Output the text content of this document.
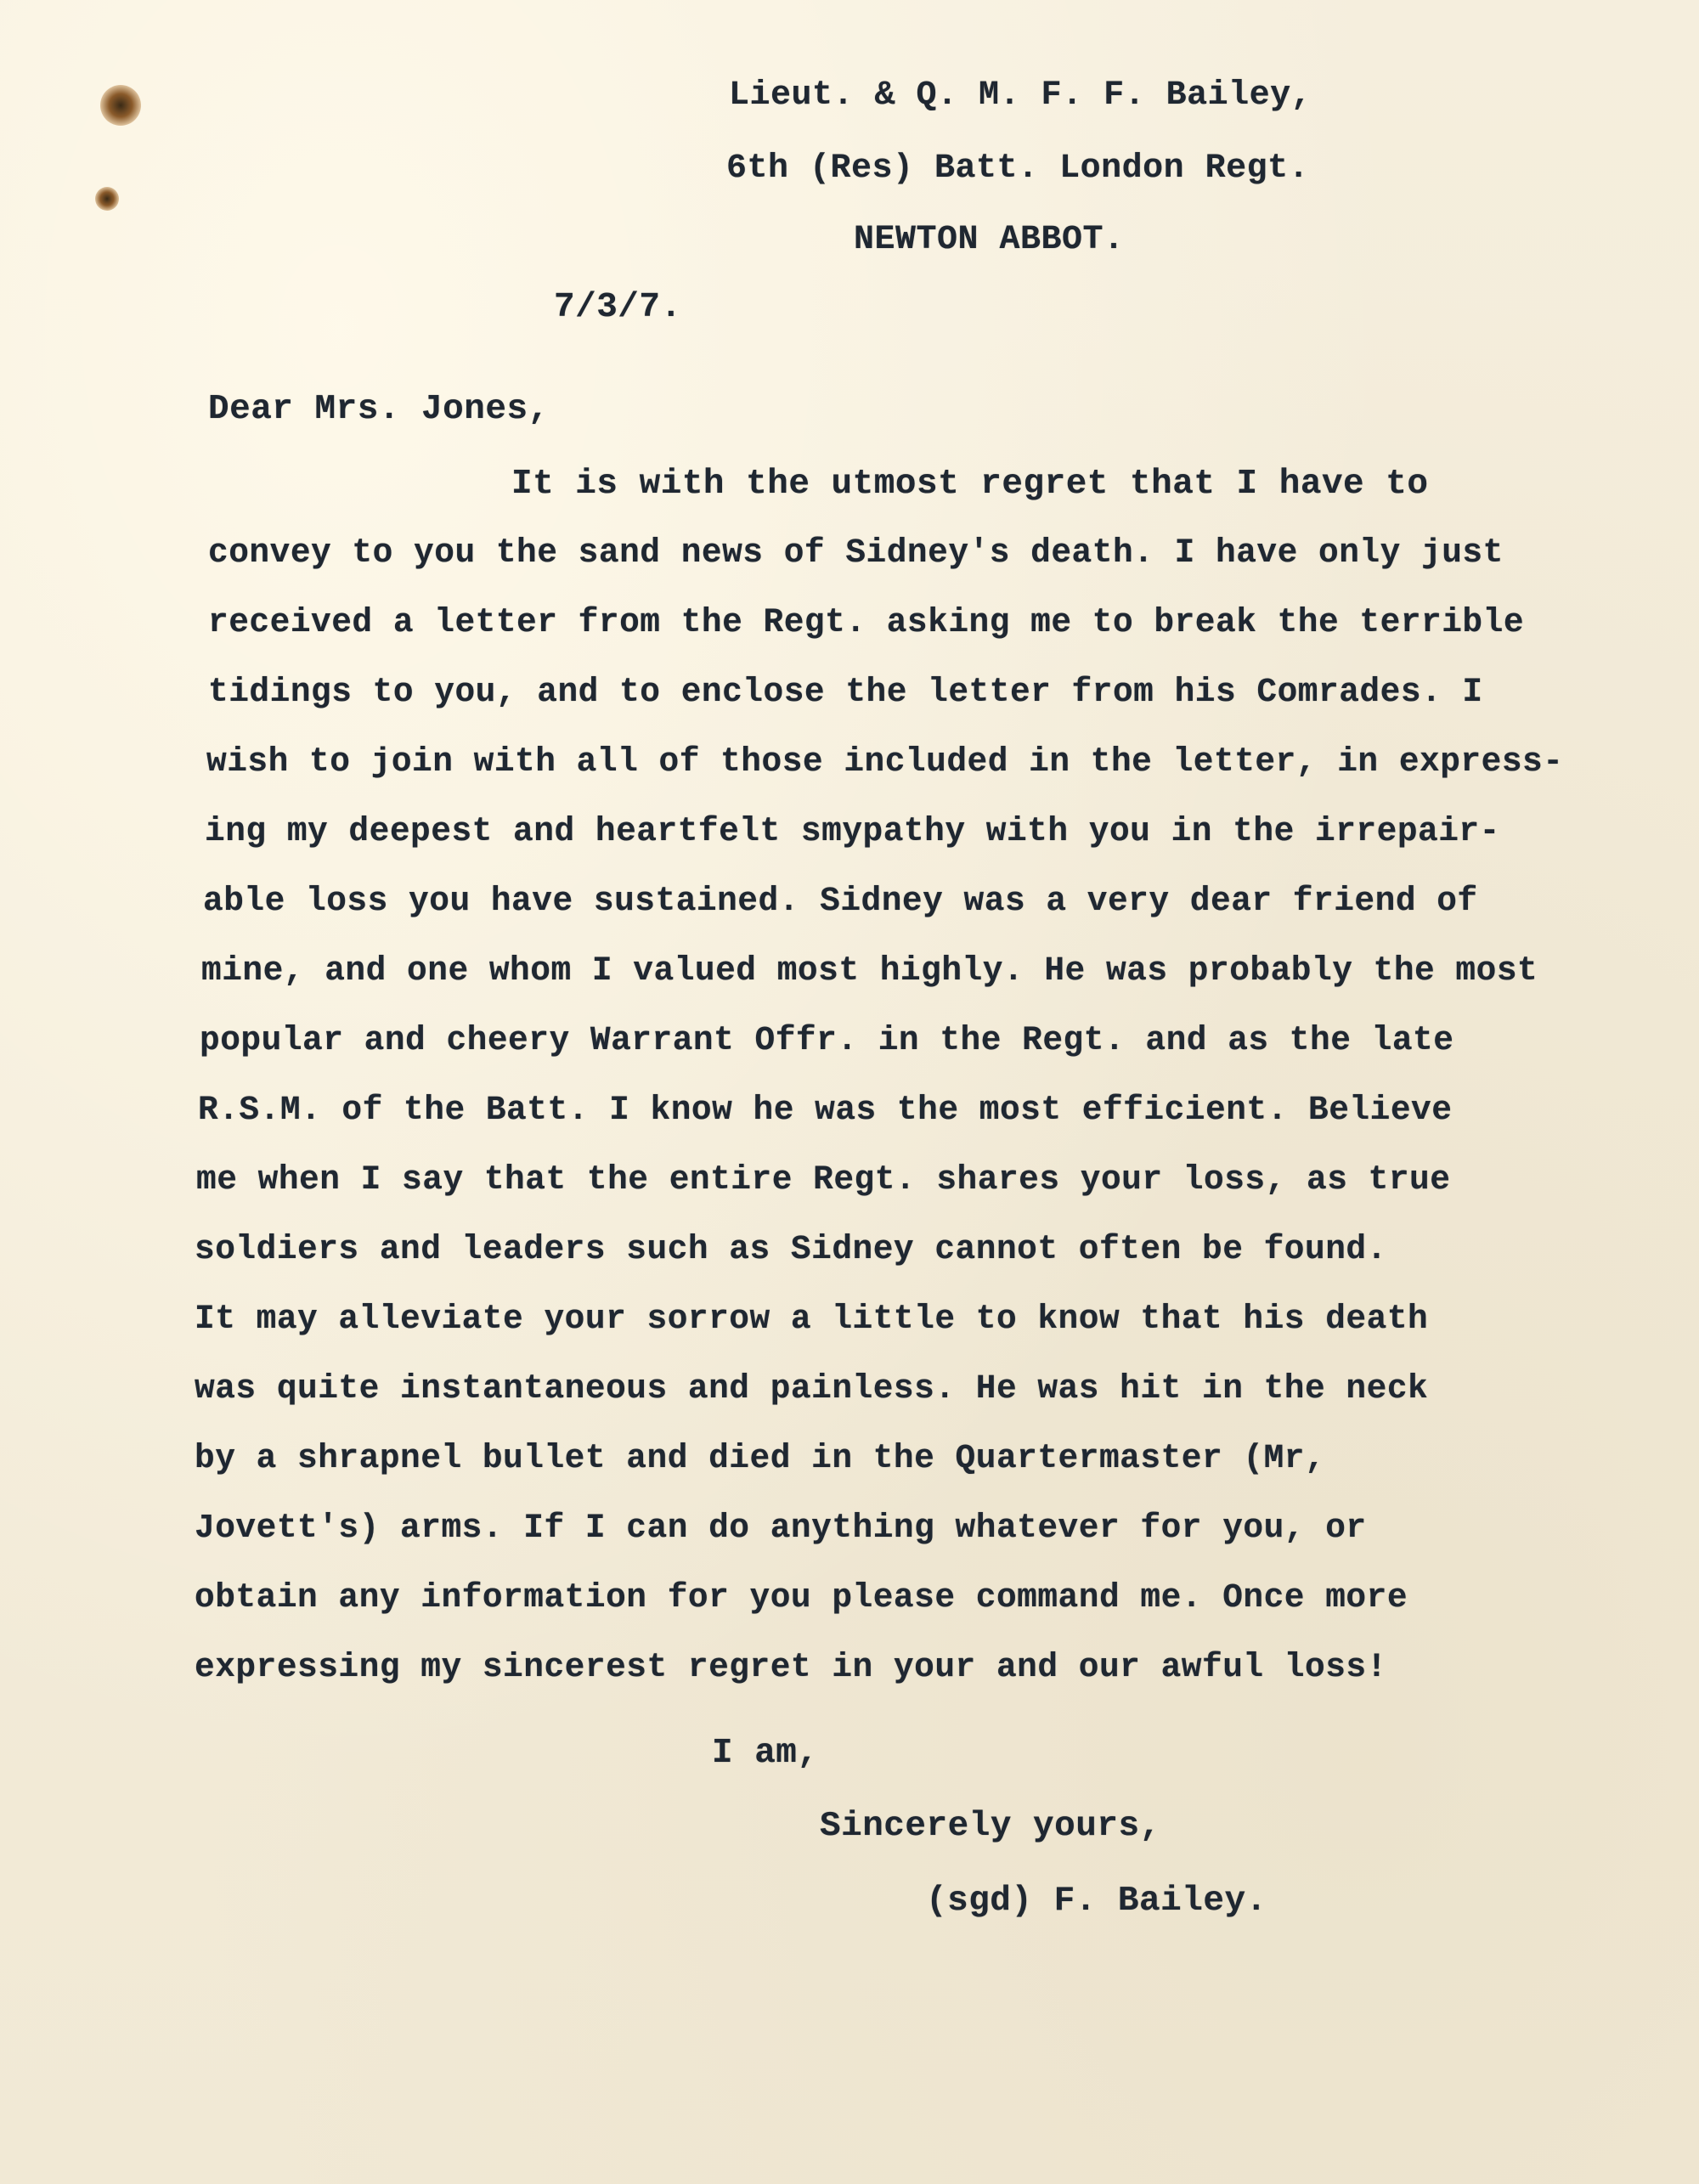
Lieut. & Q. M. F. F. Bailey,
6th (Res) Batt. London Regt.
NEWTON ABBOT.
7/3/7.
Dear Mrs. Jones,
It is with the utmost regret that I have to
convey to you the sand news of Sidney's death. I have only just
received a letter from the Regt. asking me to break the terrible
tidings to you, and to enclose the letter from his Comrades. I
wish to join with all of those included in the letter, in express-
ing my deepest and heartfelt smypathy with you in the irrepair-
able loss you have sustained. Sidney was a very dear friend of
mine, and one whom I valued most highly. He was probably the most
popular and cheery Warrant Offr. in the Regt. and as the late
R.S.M. of the Batt. I know he was the most efficient. Believe
me when I say that the entire Regt. shares your loss, as true
soldiers and leaders such as Sidney cannot often be found.
It may alleviate your sorrow a little to know that his death
was quite instantaneous and painless. He was hit in the neck
by a shrapnel bullet and died in the Quartermaster (Mr,
Jovett's) arms. If I can do anything whatever for you, or
obtain any information for you please command me. Once more
expressing my sincerest regret in your and our awful loss!
I am,
Sincerely yours,
(sgd) F. Bailey.
